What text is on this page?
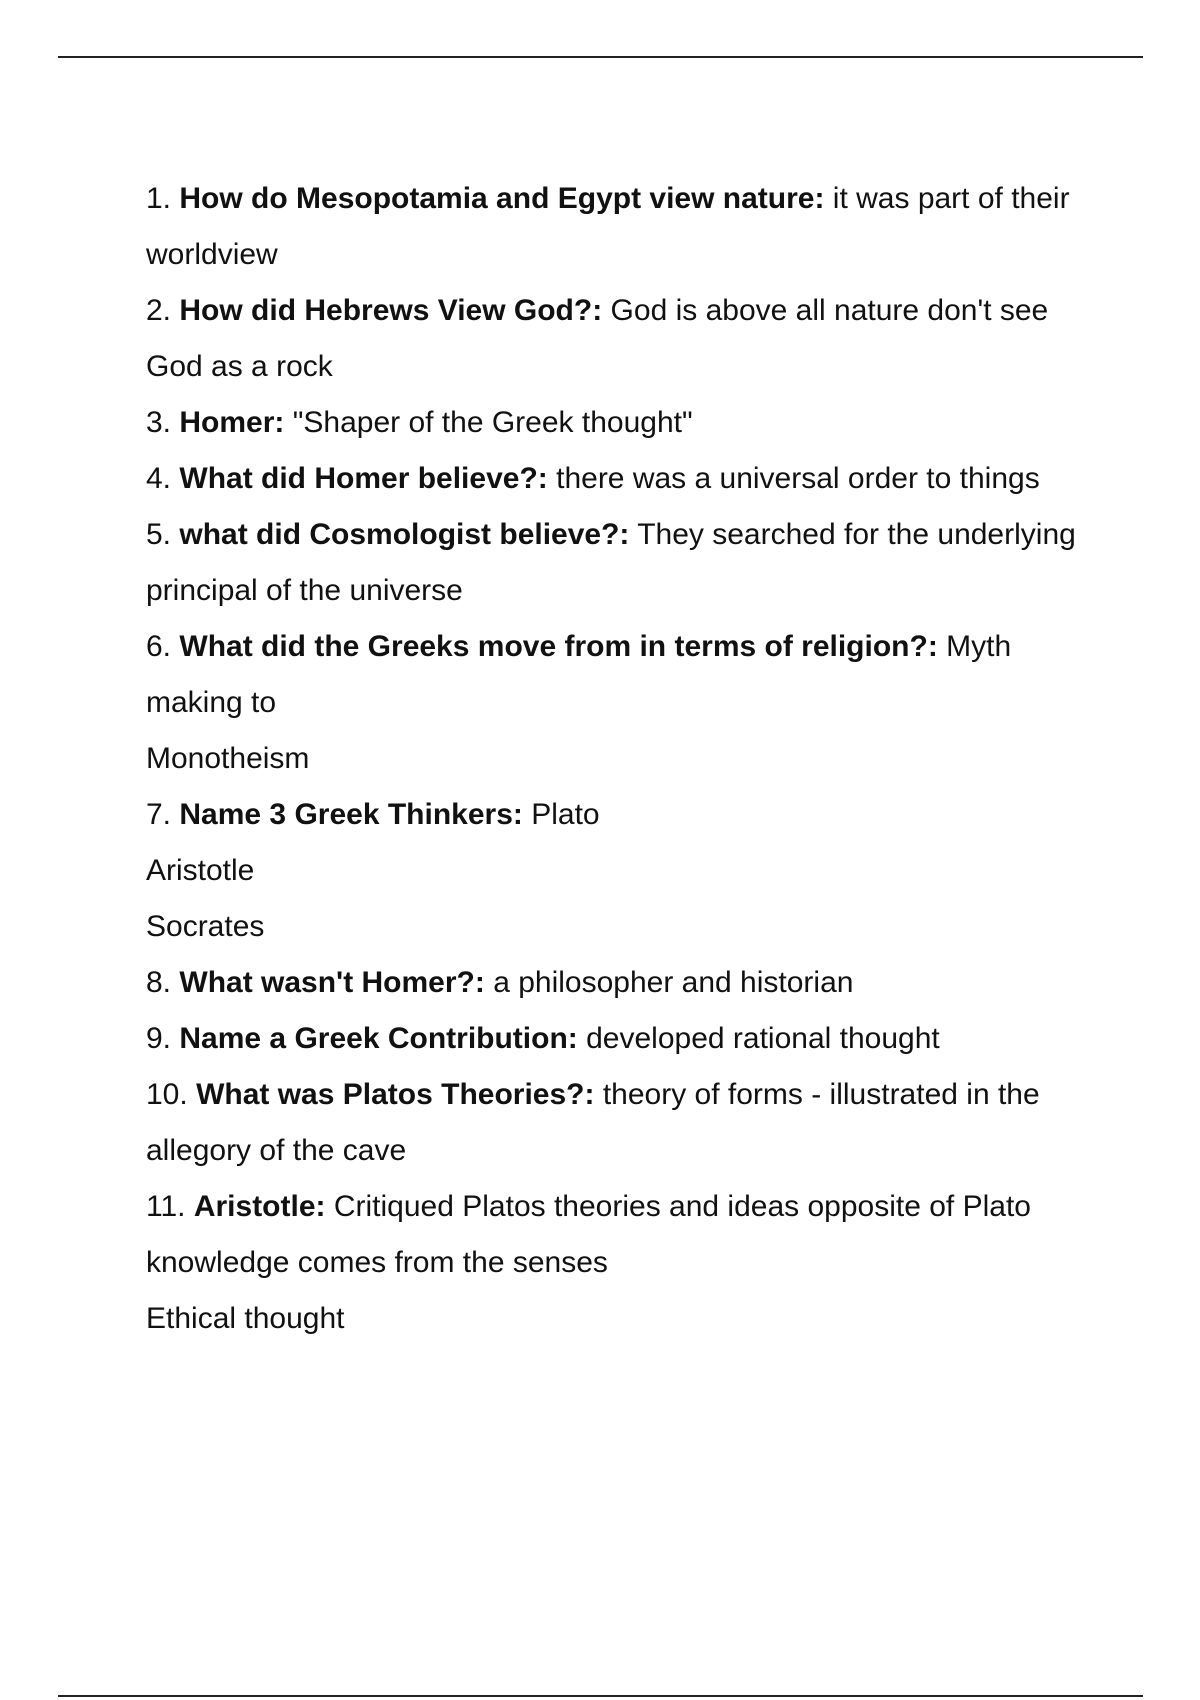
1. How do Mesopotamia and Egypt view nature: it was part of their worldview
2. How did Hebrews View God?: God is above all nature don't see God as a rock
3. Homer: "Shaper of the Greek thought"
4. What did Homer believe?: there was a universal order to things
5. what did Cosmologist believe?: They searched for the underlying principal of the universe
6. What did the Greeks move from in terms of religion?: Myth making to
Monotheism
7. Name 3 Greek Thinkers: Plato
Aristotle
Socrates
8. What wasn't Homer?: a philosopher and historian
9. Name a Greek Contribution: developed rational thought
10. What was Platos Theories?: theory of forms - illustrated in the allegory of the cave
11. Aristotle: Critiqued Platos theories and ideas opposite of Plato
knowledge comes from the senses
Ethical thought
